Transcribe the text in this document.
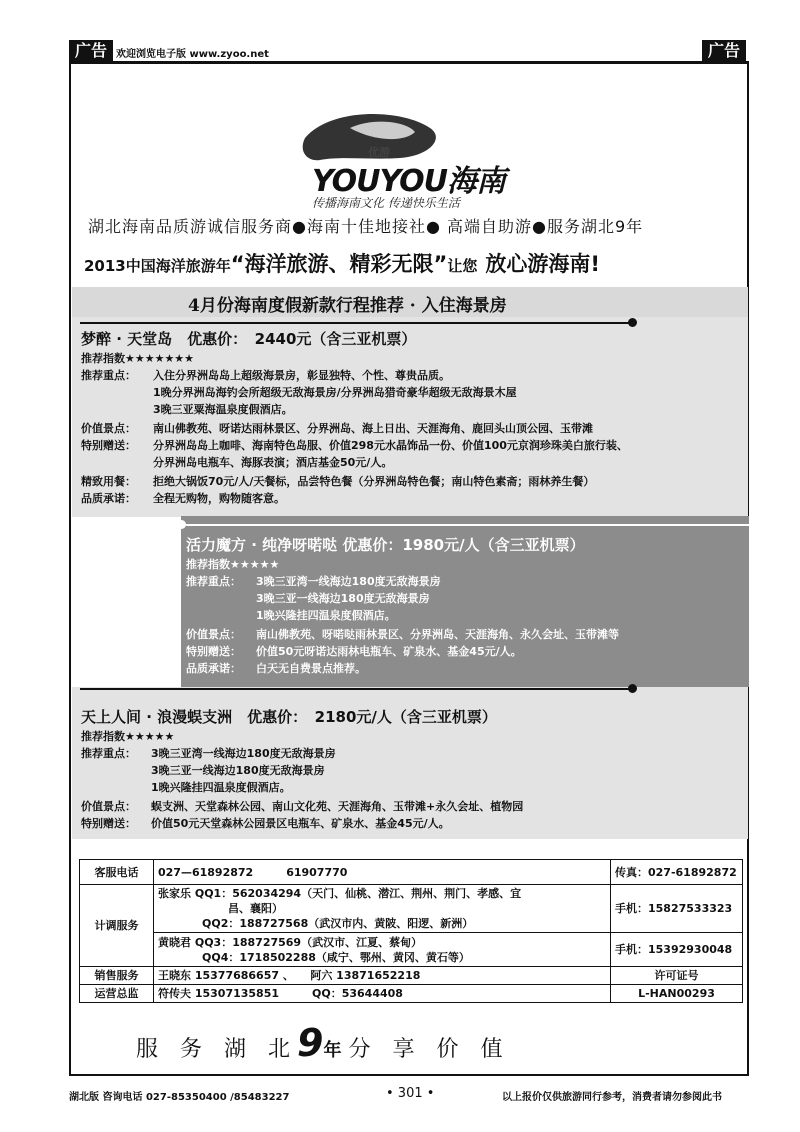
广告 欢迎浏览电子版 www.zyoo.net	广告
优游
YOUYOU海南
传播海南文化 传递快乐生活
湖北海南品质游诚信服务商●海南十佳地接社● 高端自助游●服务湖北9年
2013中国海洋旅游年“海洋旅游、精彩无限”让您 放心游海南!
4月份海南度假新款行程推荐 · 入住海景房
梦醉 · 天堂岛　优惠价：　2440元（含三亚机票）
推荐指数★★★★★★★
推荐重点： 入住分界洲岛岛上超级海景房，彰显独特、个性、尊贵品质。
1晚分界洲岛海钓会所超级无敌海景房/分界洲岛猎奇豪华超级无敌海景木屋
3晚三亚粟海温泉度假酒店。
价值景点： 南山佛教苑、呀诺达雨林景区、分界洲岛、海上日出、天涯海角、鹿回头山顶公园、玉带滩
特别赠送： 分界洲岛岛上咖啡、海南特色岛服、价值298元水晶饰品一份、价值100元京润珍珠美白旅行装、
分界洲岛电瓶车、海豚表演；酒店基金50元/人。
精致用餐： 拒绝大锅饭70元/人/天餐标，品尝特色餐（分界洲岛特色餐；南山特色素斋；雨林养生餐）
品质承诺： 全程无购物，购物随客意。
活力魔方 · 纯净呀喏哒 优惠价：1980元/人（含三亚机票）
推荐指数★★★★★
推荐重点： 3晚三亚湾一线海边180度无敌海景房
3晚三亚一线海边180度无敌海景房
1晚兴隆挂四温泉度假酒店。
价值景点： 南山佛教苑、呀喏哒雨林景区、分界洲岛、天涯海角、永久会址、玉带滩等
特别赠送： 价值50元呀诺达雨林电瓶车、矿泉水、基金45元/人。
品质承诺： 白天无自费景点推荐。
天上人间 · 浪漫蜈支洲　优惠价：　2180元/人（含三亚机票）
推荐指数★★★★★
推荐重点： 3晚三亚湾一线海边180度无敌海景房
3晚三亚一线海边180度无敌海景房
1晚兴隆挂四温泉度假酒店。
价值景点： 蜈支洲、天堂森林公园、南山文化苑、天涯海角、玉带滩+永久会址、植物园
特别赠送： 价值50元天堂森林公园景区电瓶车、矿泉水、基金45元/人。
客服电话	027—61892872　　　61907770	传真：027-61892872
计调服务	张家乐 QQ1：562034294（天门、仙桃、潜江、荆州、荆门、孝感、宜
昌、襄阳）
QQ2：188727568（武汉市内、黄陂、阳逻、新洲）	手机：15827533323

	黄晓君 QQ3：188727569（武汉市、江夏、蔡甸）
QQ4：1718502288（咸宁、鄂州、黄冈、黄石等）	手机：15392930048
销售服务	王晓东 15377686657 、　　阿六 13871652218	许可证号
运营总监	符传夫 15307135851　　　QQ：53644408	L-HAN00293
服　务　湖　北 9年 分　享　价　值
湖北版 咨询电话 027-85350400 /85483227	• 301 •	以上报价仅供旅游同行参考，消费者请勿参阅此书
